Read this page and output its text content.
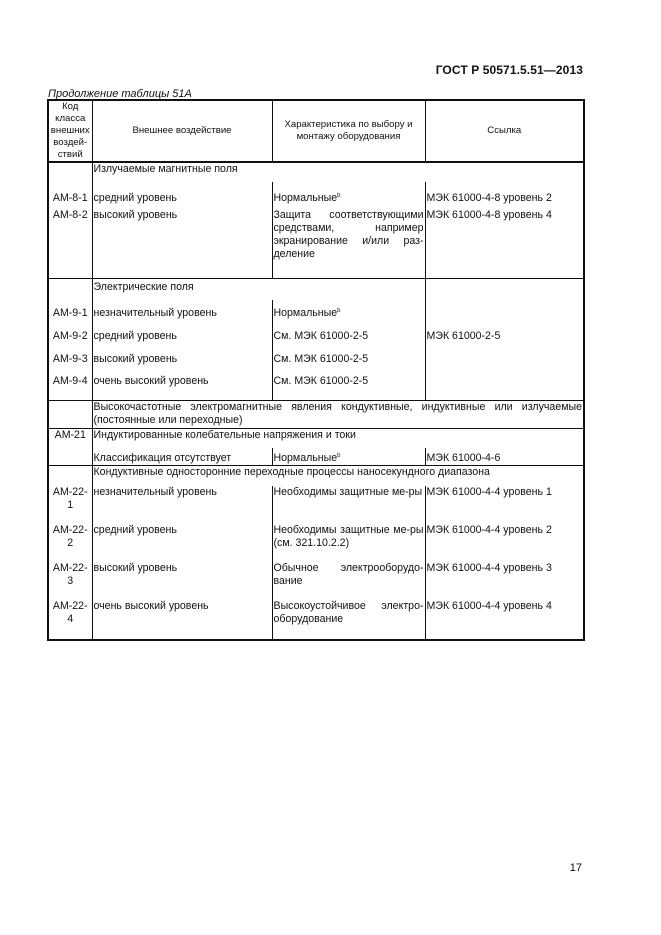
ГОСТ Р 50571.5.51—2013
Продолжение таблицы 51А
Код класса внешних воздей-ствий	Внешнее воздействие	Характеристика по выбору и монтажу оборудования	Ссылка
	Излучаемые магнитные поля		
АМ-8-1	средний уровень	Нормальные$^b$	МЭК 61000-4-8 уровень 2
АМ-8-2	высокий уровень	Защита соответствующими средствами, например экранирование и/или раз-деление	МЭК 61000-4-8 уровень 4
	Электрические поля		
АМ-9-1	незначительный уровень	Нормальные$^b$	
АМ-9-2	средний уровень	См. МЭК 61000-2-5	МЭК 61000-2-5
АМ-9-3	высокий уровень	См. МЭК 61000-2-5	
АМ-9-4	очень высокий уровень	См. МЭК 61000-2-5	
	Высокочастотные электромагнитные явления кондуктивные, индуктивные или излучаемые (постоянные или переходные)		
АМ-21	Индуктированные колебательные напряжения и токи		
	Классификация отсутствует	Нормальные$^b$	МЭК 61000-4-6
	Кондуктивные односторонние переходные процессы наносекундного диапазона		
АМ-22-1	незначительный уровень	Необходимы защитные ме-ры	МЭК 61000-4-4 уровень 1
АМ-22-2	средний уровень	Необходимы защитные ме-ры (см. 321.10.2.2)	МЭК 61000-4-4 уровень 2
АМ-22-3	высокий уровень	Обычное электрооборудо-вание	МЭК 61000-4-4 уровень 3
АМ-22-4	очень высокий уровень	Высокоустойчивое электро-оборудование	МЭК 61000-4-4 уровень 4
17
